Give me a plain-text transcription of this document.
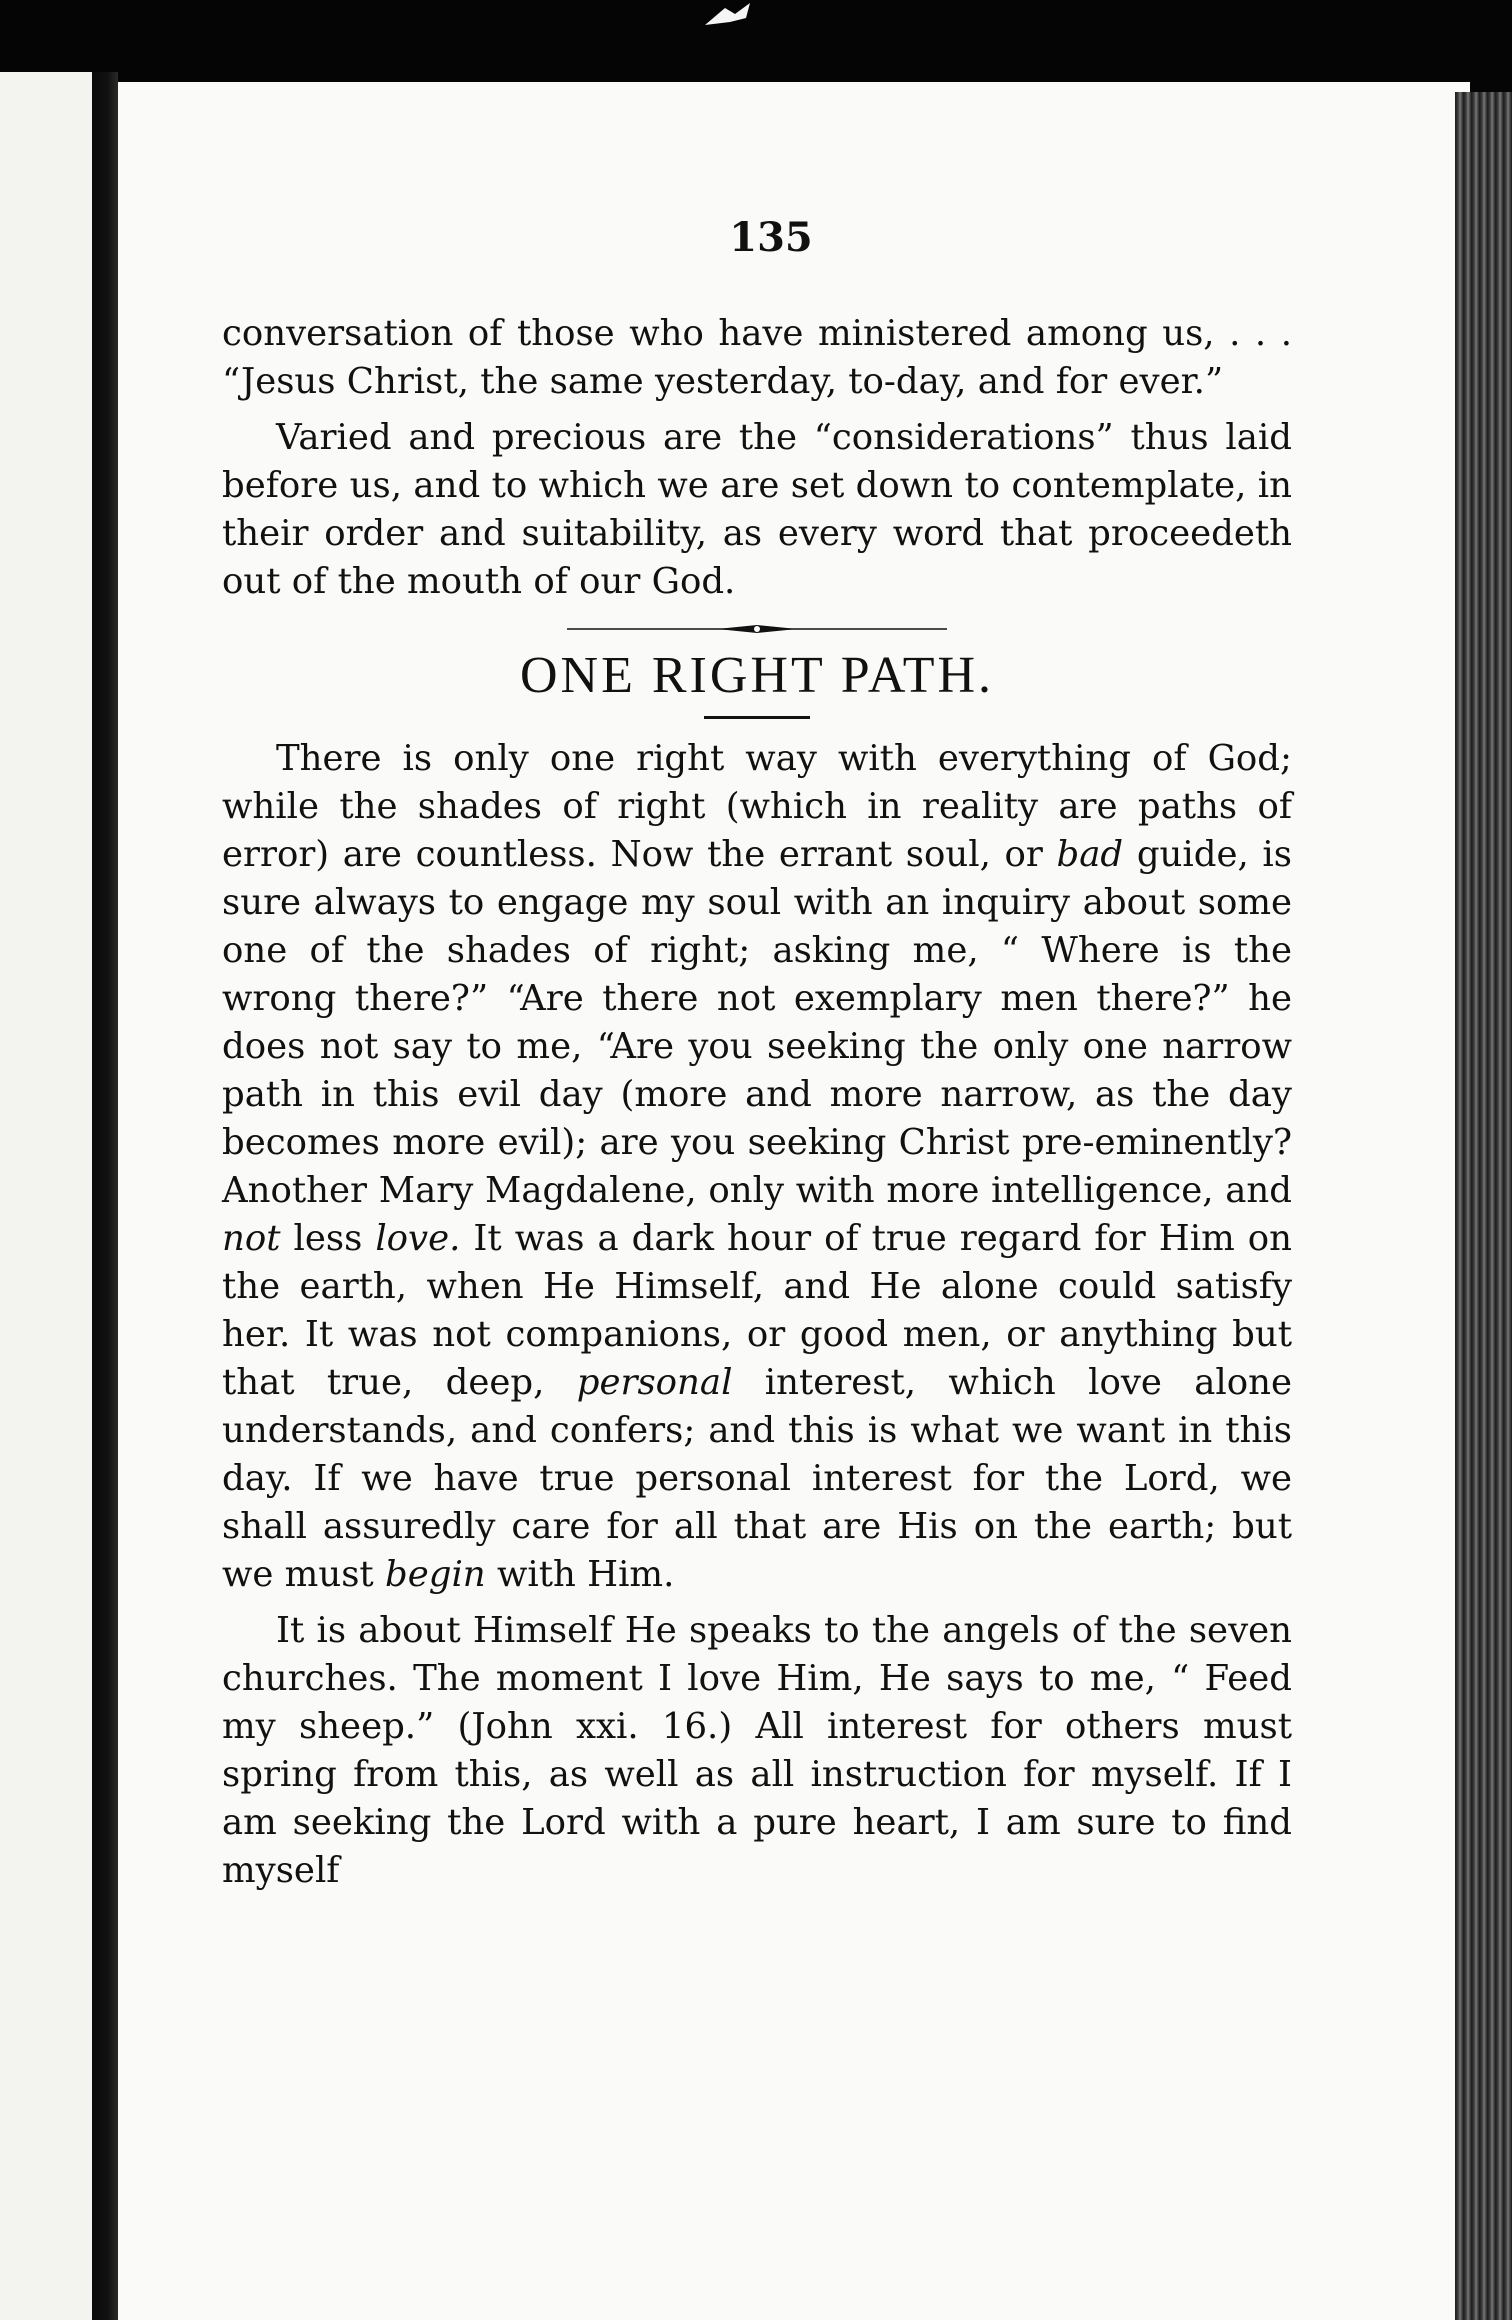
135

conversation of those who have ministered among us, . . . “Jesus Christ, the same yesterday, to-day, and for ever.”

Varied and precious are the “considerations” thus laid before us, and to which we are set down to contemplate, in their order and suitability, as every word that proceedeth out of the mouth of our God.

ONE RIGHT PATH.

There is only one right way with everything of God; while the shades of right (which in reality are paths of error) are countless. Now the errant soul, or bad guide, is sure always to engage my soul with an inquiry about some one of the shades of right; asking me, “ Where is the wrong there?” “Are there not exemplary men there?” he does not say to me, “Are you seeking the only one narrow path in this evil day (more and more narrow, as the day becomes more evil); are you seeking Christ pre-eminently? Another Mary Magdalene, only with more intelligence, and not less love. It was a dark hour of true regard for Him on the earth, when He Himself, and He alone could satisfy her. It was not companions, or good men, or anything but that true, deep, personal interest, which love alone understands, and confers; and this is what we want in this day. If we have true personal interest for the Lord, we shall assuredly care for all that are His on the earth; but we must begin with Him.

It is about Himself He speaks to the angels of the seven churches. The moment I love Him, He says to me, “ Feed my sheep.” (John xxi. 16.) All interest for others must spring from this, as well as all instruction for myself. If I am seeking the Lord with a pure heart, I am sure to find myself
